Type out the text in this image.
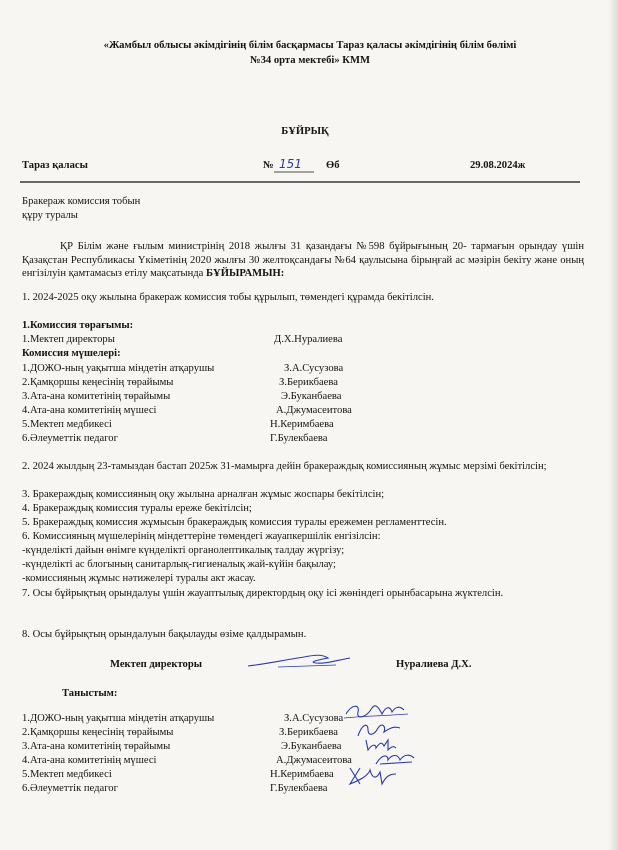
«Жамбыл облысы әкімдігінің білім басқармасы Тараз қаласы әкімдігінің білім бөлімі
№34 орта мектебі» КММ
БҰЙРЫҚ
Тараз қаласы	№ 151 Өб	29.08.2024ж
Бракераж комиссия тобын
құру туралы
ҚР Білім және ғылым министрінің 2018 жылғы 31 қазандағы №598 бұйрығының 20- тармағын орындау үшін Қазақстан Республикасы Үкіметінің 2020 жылғы 30 желтоқсандағы №64 қаулысына бірыңғай ас мәзірін бекіту және оның енгізілуін қамтамасыз етілу мақсатында БҰЙЫРАМЫН:
1. 2024-2025 оқу жылына бракераж комиссия тобы құрылып, төмендегі құрамда бекітілсін.
1.Комиссия төрағымы:
1.Мектеп директоры	Д.Х.Нуралиева
Комиссия мүшелері:
1.ДОЖО-ның уақытша міндетін атқарушы	З.А.Сусузова
2.Қамқоршы кеңесінің төрайымы	З.Берикбаева
3.Ата-ана комитетінің төрайымы	Э.Буканбаева
4.Ата-ана комитетінің мүшесі	А.Джумасеитова
5.Мектеп медбикесі	Н.Керимбаева
6.Әлеуметтік педагог	Г.Булекбаева
2. 2024 жылдың 23-тамыздан бастап 2025ж 31-мамырға дейін бракераждық комиссияның жұмыс мерзімі бекітілсін;
3. Бракераждық комиссияның оқу жылына арналған жұмыс жоспары бекітілсін;
4. Бракераждық комиссия туралы ереже бекітілсін;
5. Бракераждық комиссия жұмысын бракераждық комиссия туралы ережемен регламенттесін.
6. Комиссияның мүшелерінің міндеттеріне төмендегі жауапкершілік енгізілсін:
-күнделікті дайын өнімге күнделікті органолептикалық талдау жүргізу;
-күнделікті ас блогының санитарлық-гигиеналық жай-күйін бақылау;
-комиссияның жұмыс нәтижелері туралы акт жасау.
7. Осы бұйрықтың орындалуы үшін жауаптылық директордың оқу ісі жөніндегі орынбасарына жүктелсін.
8. Осы бұйрықтың орындалуын бақылауды өзіме қалдырамын.
Мектеп директоры	Нуралиева Д.Х.
Таныстым:
1.ДОЖО-ның уақытша міндетін атқарушы	З.А.Сусузова
2.Қамқоршы кеңесінің төрайымы	З.Берикбаева
3.Ата-ана комитетінің төрайымы	Э.Буканбаева
4.Ата-ана комитетінің мүшесі	А.Джумасеитова
5.Мектеп медбикесі	Н.Керимбаева
6.Әлеуметтік педагог	Г.Булекбаева
